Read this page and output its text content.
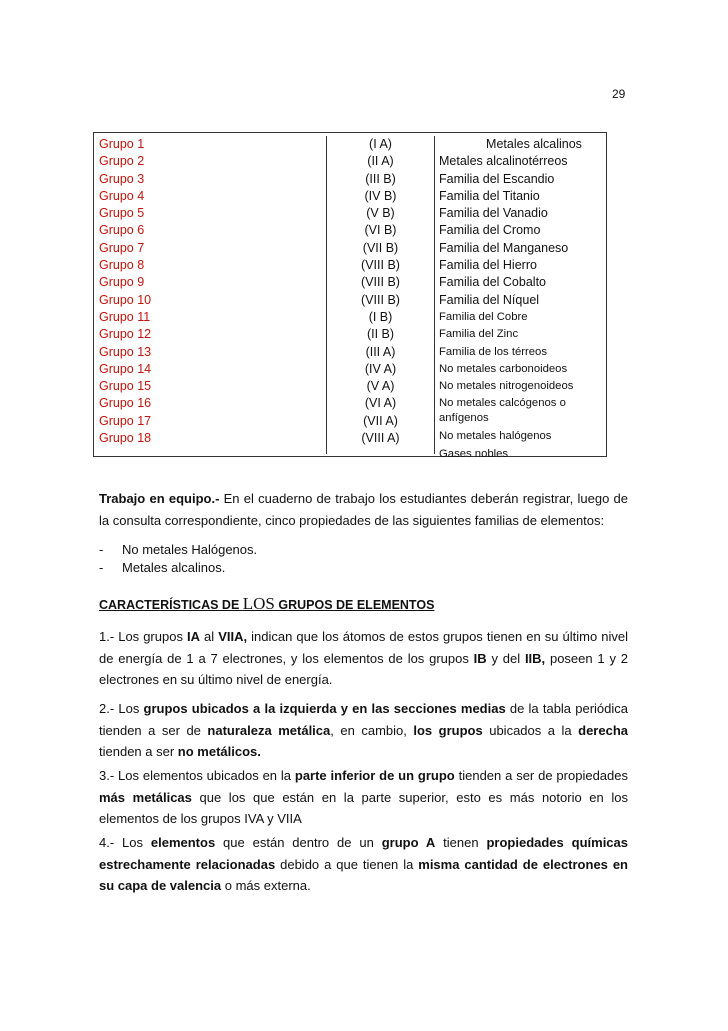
29
Grupo 1
Grupo 2
Grupo 3
Grupo 4
Grupo 5
Grupo 6
Grupo 7
Grupo 8
Grupo 9
Grupo 10
Grupo 11
Grupo 12
Grupo 13
Grupo 14
Grupo 15
Grupo 16
Grupo 17
Grupo 18
(I A)
(II A)
(III B)
(IV B)
(V B)
(VI B)
(VII B)
(VIII B)
(VIII B)
(VIII B)
(I B)
(II B)
(III A)
(IV A)
(V A)
(VI A)
(VII A)
(VIII A)
Metales alcalinos
Metales alcalinotérreos
Familia del Escandio
Familia del Titanio
Familia del Vanadio
Familia del Cromo
Familia del Manganeso
Familia del Hierro
Familia del Cobalto
Familia del Níquel
Familia del Cobre
Familia del Zinc
Familia de los térreos
No metales carbonoideos
No metales nitrogenoideos
No metales calcógenos o anfígenos
No metales halógenos
Gases nobles
Trabajo en equipo.- En el cuaderno de trabajo los estudiantes deberán registrar, luego de la consulta correspondiente, cinco propiedades de las siguientes familias de elementos:
- No metales Halógenos.
- Metales alcalinos.
CARACTERÍSTICAS DE LOS GRUPOS DE ELEMENTOS
1.- Los grupos IA al VIIA, indican que los átomos de estos grupos tienen en su último nivel de energía de 1 a 7 electrones, y los elementos de los grupos IB y del IIB, poseen 1 y 2 electrones en su último nivel de energía.
2.- Los grupos ubicados a la izquierda y en las secciones medias de la tabla periódica tienden a ser de naturaleza metálica, en cambio, los grupos ubicados a la derecha tienden a ser no metálicos.
3.- Los elementos ubicados en la parte inferior de un grupo tienden a ser de propiedades más metálicas que los que están en la parte superior, esto es más notorio en los elementos de los grupos IVA y VIIA
4.- Los elementos que están dentro de un grupo A tienen propiedades químicas estrechamente relacionadas debido a que tienen la misma cantidad de electrones en su capa de valencia o más externa.
